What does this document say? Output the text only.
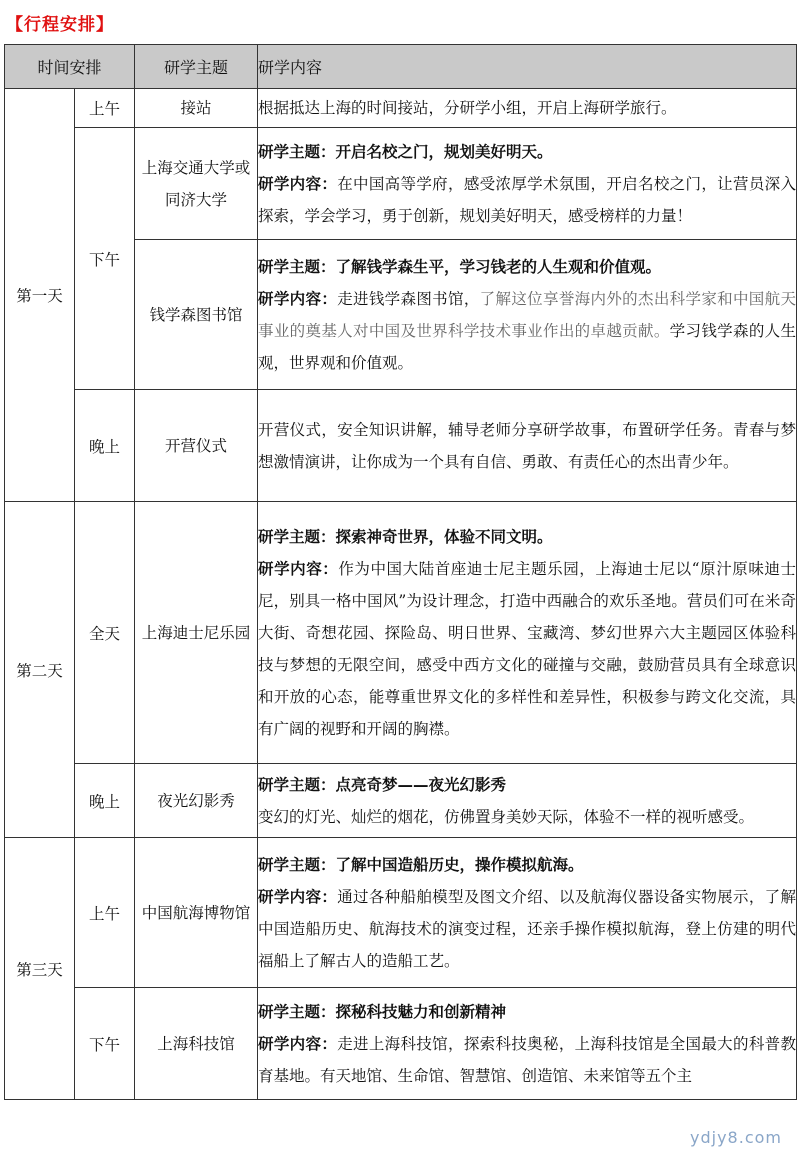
【行程安排】
时间安排		研学主题	研学内容
第一天	上午	接站	根据抵达上海的时间接站，分研学小组，开启上海研学旅行。

	下午	上海交通大学或同济大学	研学主题：开启名校之门，规划美好明天。

研学内容：在中国高等学府，感受浓厚学术氛围，开启名校之门，让营员深入探索，学会学习，勇于创新，规划美好明天，感受榜样的力量！

		钱学森图书馆	研学主题：了解钱学森生平，学习钱老的人生观和价值观。

研学内容：走进钱学森图书馆，了解这位享誉海内外的杰出科学家和中国航天事业的奠基人对中国及世界科学技术事业作出的卓越贡献。学习钱学森的人生观，世界观和价值观。

	晚上	开营仪式	开营仪式，安全知识讲解，辅导老师分享研学故事，布置研学任务。青春与梦想激情演讲，让你成为一个具有自信、勇敢、有责任心的杰出青少年。

第二天	全天	上海迪士尼乐园	研学主题：探索神奇世界，体验不同文明。

研学内容：作为中国大陆首座迪士尼主题乐园，上海迪士尼以“原汁原味迪士尼，别具一格中国风”为设计理念，打造中西融合的欢乐圣地。营员们可在米奇大街、奇想花园、探险岛、明日世界、宝藏湾、梦幻世界六大主题园区体验科技与梦想的无限空间，感受中西方文化的碰撞与交融，鼓励营员具有全球意识和开放的心态，能尊重世界文化的多样性和差异性，积极参与跨文化交流，具有广阔的视野和开阔的胸襟。

	晚上	夜光幻影秀	研学主题：点亮奇梦——夜光幻影秀

变幻的灯光、灿烂的烟花，仿佛置身美妙天际，体验不一样的视听感受。

第三天	上午	中国航海博物馆	研学主题：了解中国造船历史，操作模拟航海。

研学内容：通过各种船舶模型及图文介绍、以及航海仪器设备实物展示，了解中国造船历史、航海技术的演变过程，还亲手操作模拟航海，登上仿建的明代福船上了解古人的造船工艺。

	下午	上海科技馆	研学主题：探秘科技魅力和创新精神

研学内容：走进上海科技馆，探索科技奥秘，上海科技馆是全国最大的科普教育基地。有天地馆、生命馆、智慧馆、创造馆、未来馆等五个主

ydjy8.com
